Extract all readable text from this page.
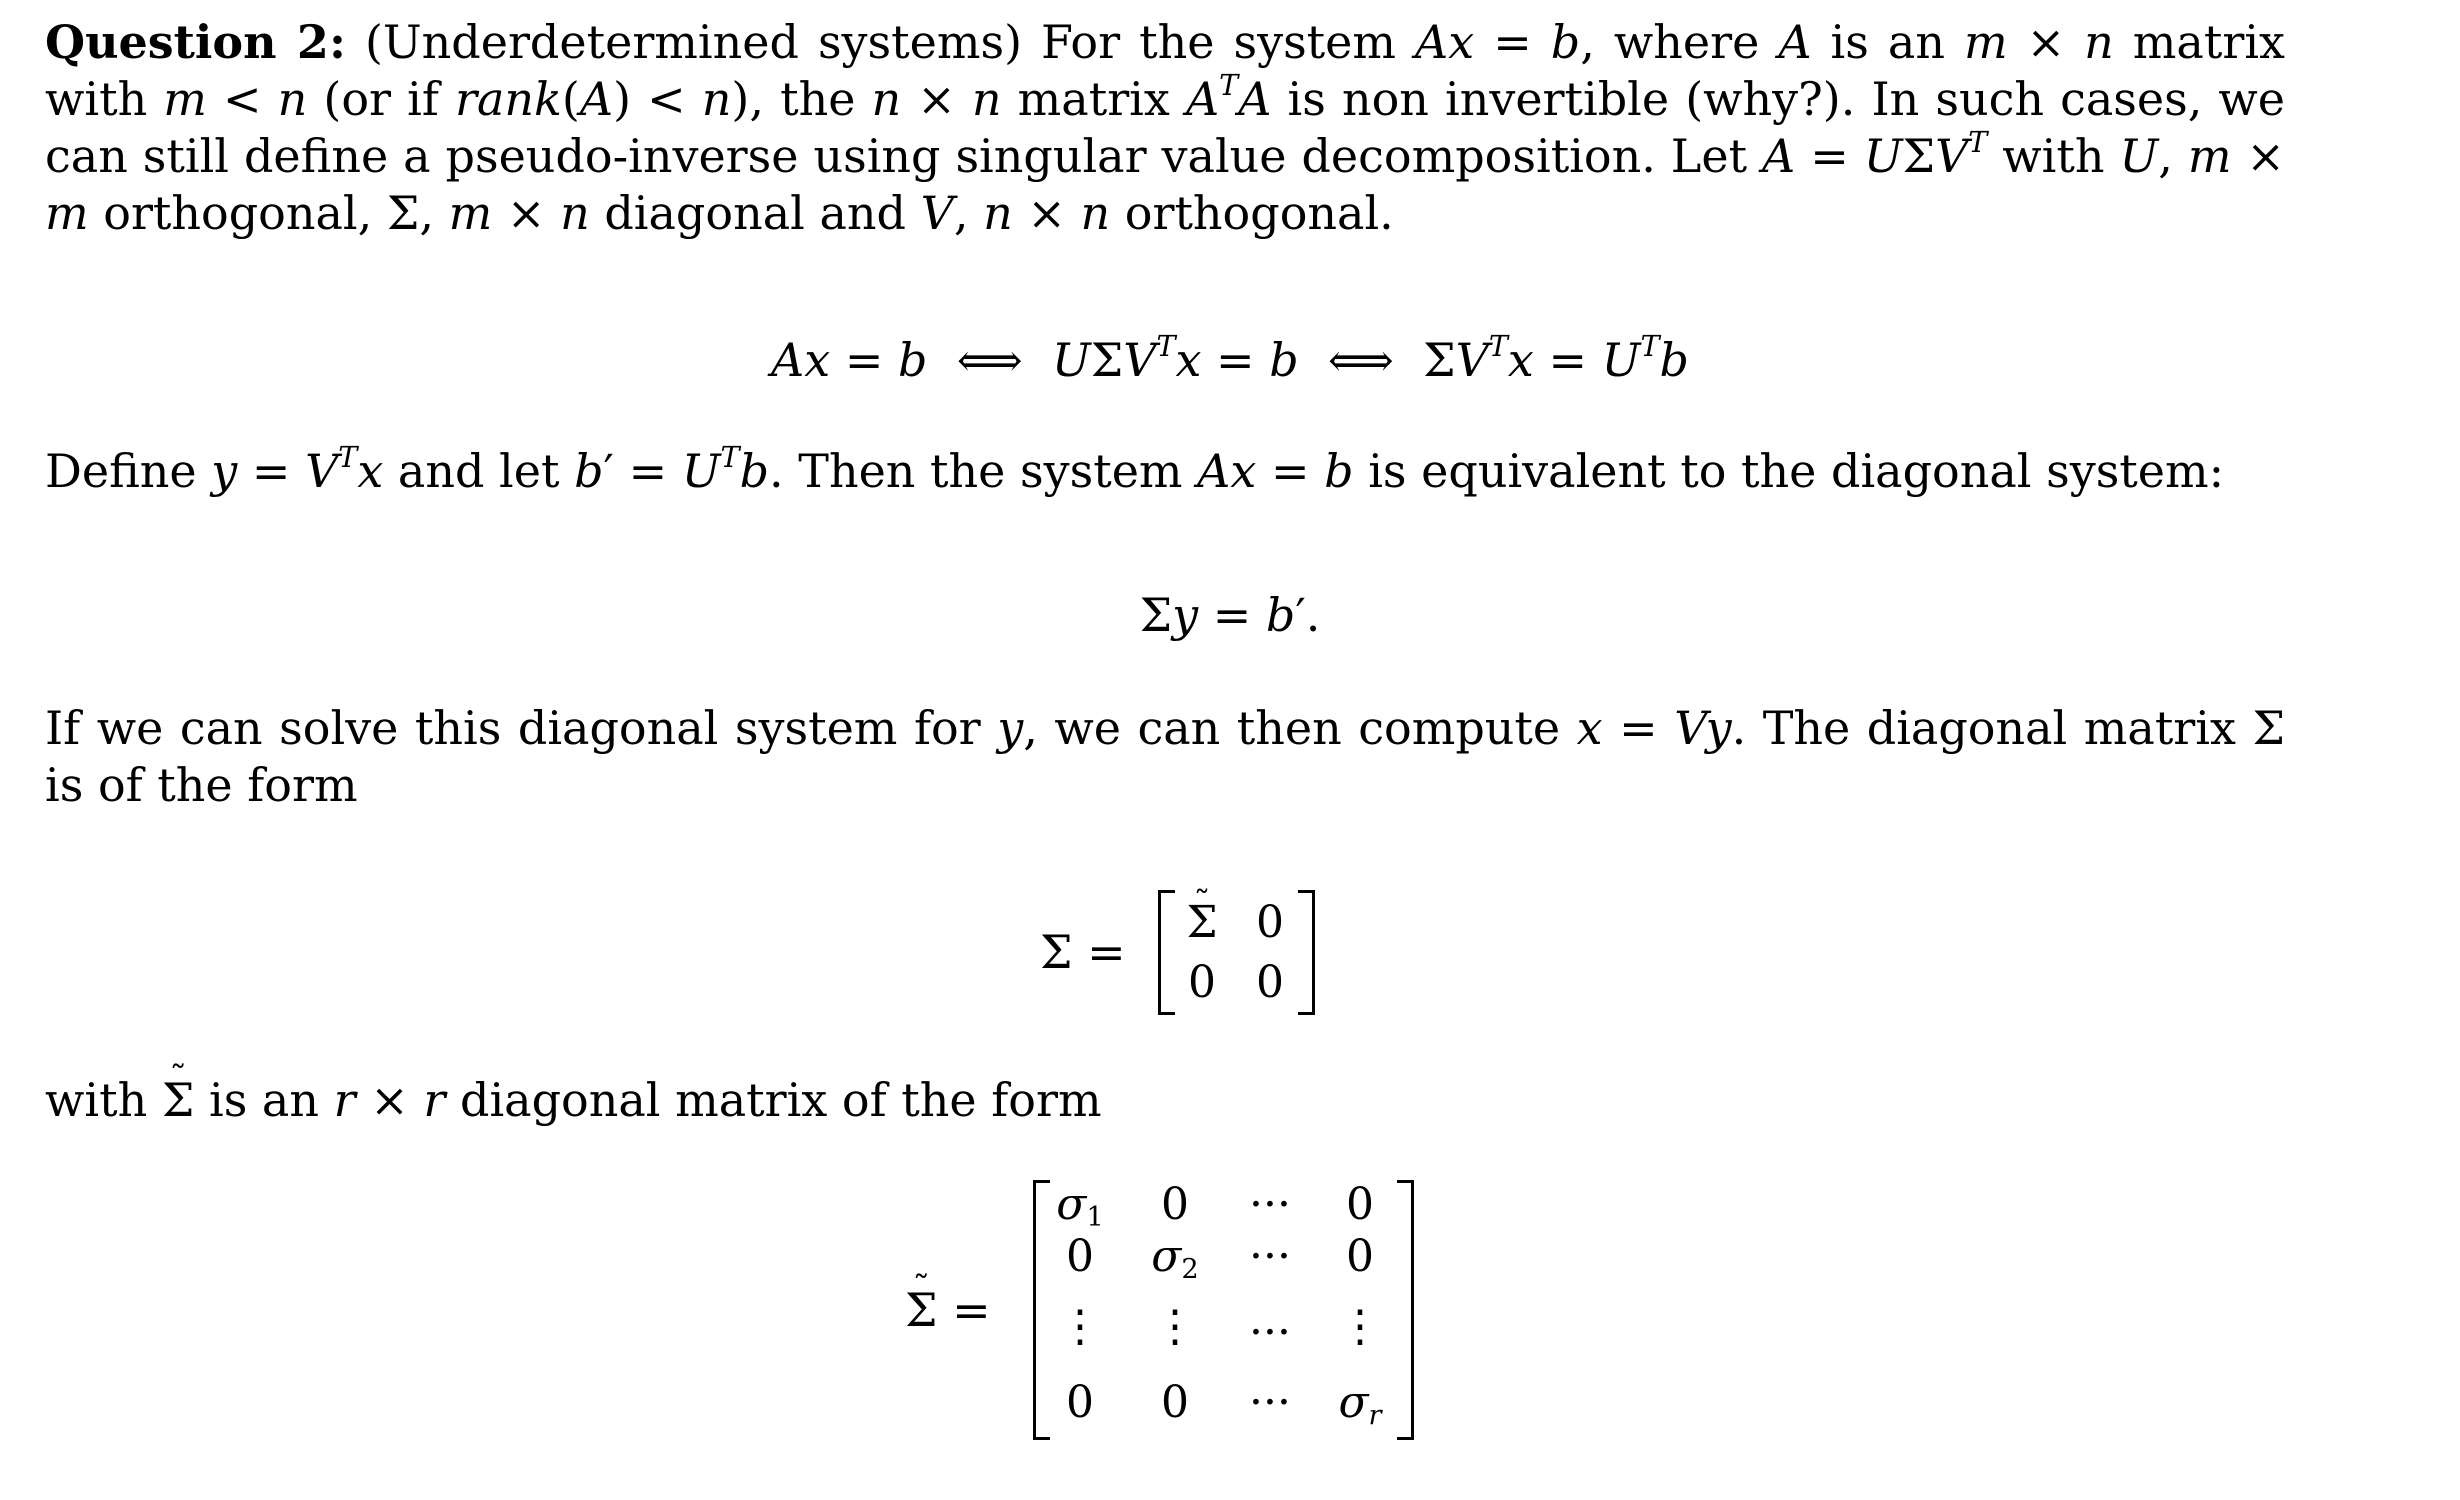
Question 2: (Underdetermined systems) For the system Ax = b, where A is an m × n matrix with m < n (or if rank(A) < n), the n × n matrix $A^TA$ is non invertible (why?). In such cases, we can still define a pseudo-inverse using singular value decomposition. Let $A = U\Sigma V^T$ with U, m × m orthogonal, Σ, m × n diagonal and V, n × n orthogonal.

Ax = b  ⟺  $U\Sigma V^Tx = b$  ⟺  $\Sigma V^Tx = U^Tb$

Define $y = V^Tx$ and let $b' = U^Tb$. Then the system Ax = b is equivalent to the diagonal system:

Σy = b′.

If we can solve this diagonal system for y, we can then compute x = Vy. The diagonal matrix Σ is of the form

Σ =
˜ Σ 0
0 0

with ˜ Σ is an r × r diagonal matrix of the form

˜ Σ =
$\sigma_1$	0	···	0
0	$\sigma_2$	···	0
⋮ ⋮	···	⋮
0	0	···	$\sigma_r$
